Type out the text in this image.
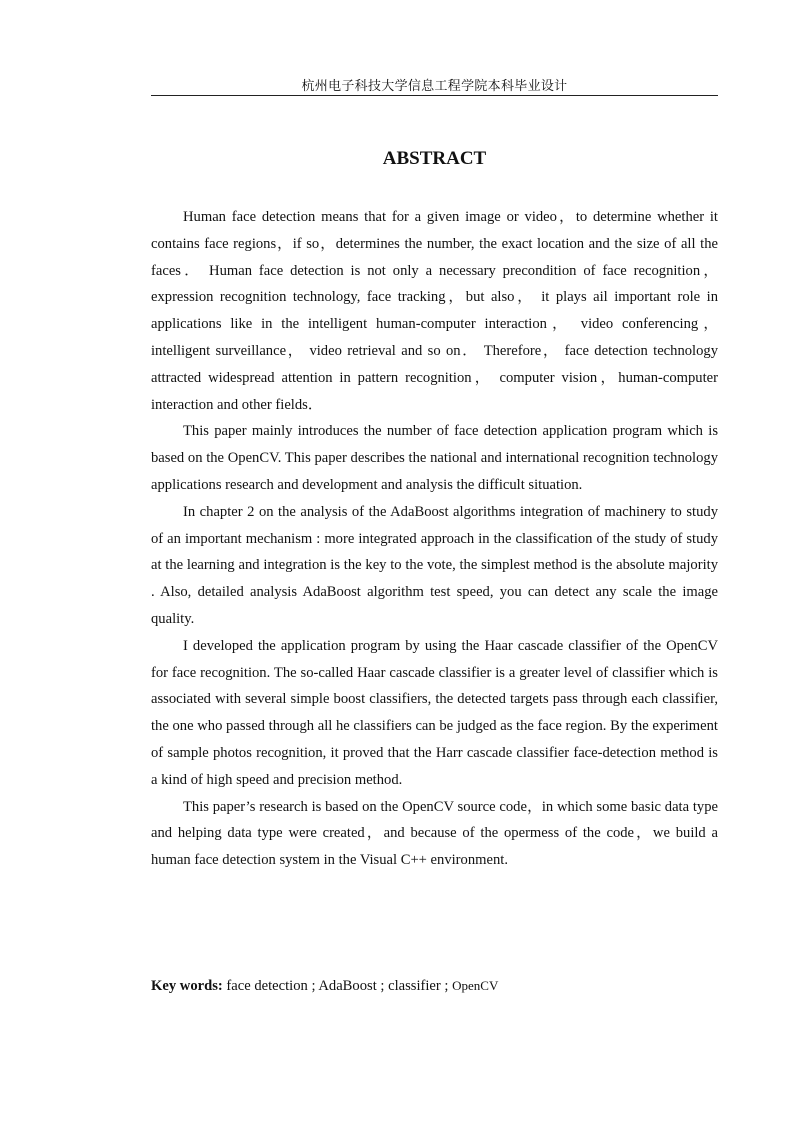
杭州电子科技大学信息工程学院本科毕业设计
ABSTRACT

Human face detection means that for a given image or video，to determine whether it contains face regions，if so，determines the number, the exact location and the size of all the faces． Human face detection is not only a necessary precondition of face recognition， expression recognition technology, face tracking，but also， it plays ail important role in applications like in the intelligent human-computer interaction， video conferencing， intelligent surveillance， video retrieval and so on． Therefore， face detection technology attracted widespread attention in pattern recognition， computer vision，human-computer interaction and other fields．

This paper mainly introduces the number of face detection application program which is based on the OpenCV. This paper describes the national and international recognition technology applications research and development and analysis the difficult situation.

In chapter 2 on the analysis of the AdaBoost algorithms integration of machinery to study of an important mechanism : more integrated approach in the classification of the study of study at the learning and integration is the key to the vote, the simplest method is the absolute majority . Also, detailed analysis AdaBoost algorithm test speed, you can detect any scale the image quality.

I developed the application program by using the Haar cascade classifier of the OpenCV for face recognition. The so-called Haar cascade classifier is a greater level of classifier which is associated with several simple boost classifiers, the detected targets pass through each classifier, the one who passed through all he classifiers can be judged as the face region. By the experiment of sample photos recognition, it proved that the Harr cascade classifier face-detection method is a kind of high speed and precision method.

This paper’s research is based on the OpenCV source code，in which some basic data type and helping data type were created，and because of the opermess of the code，we build a human face detection system in the Visual C++ environment.

Key words: face detection ; AdaBoost ; classifier ; OpenCV
